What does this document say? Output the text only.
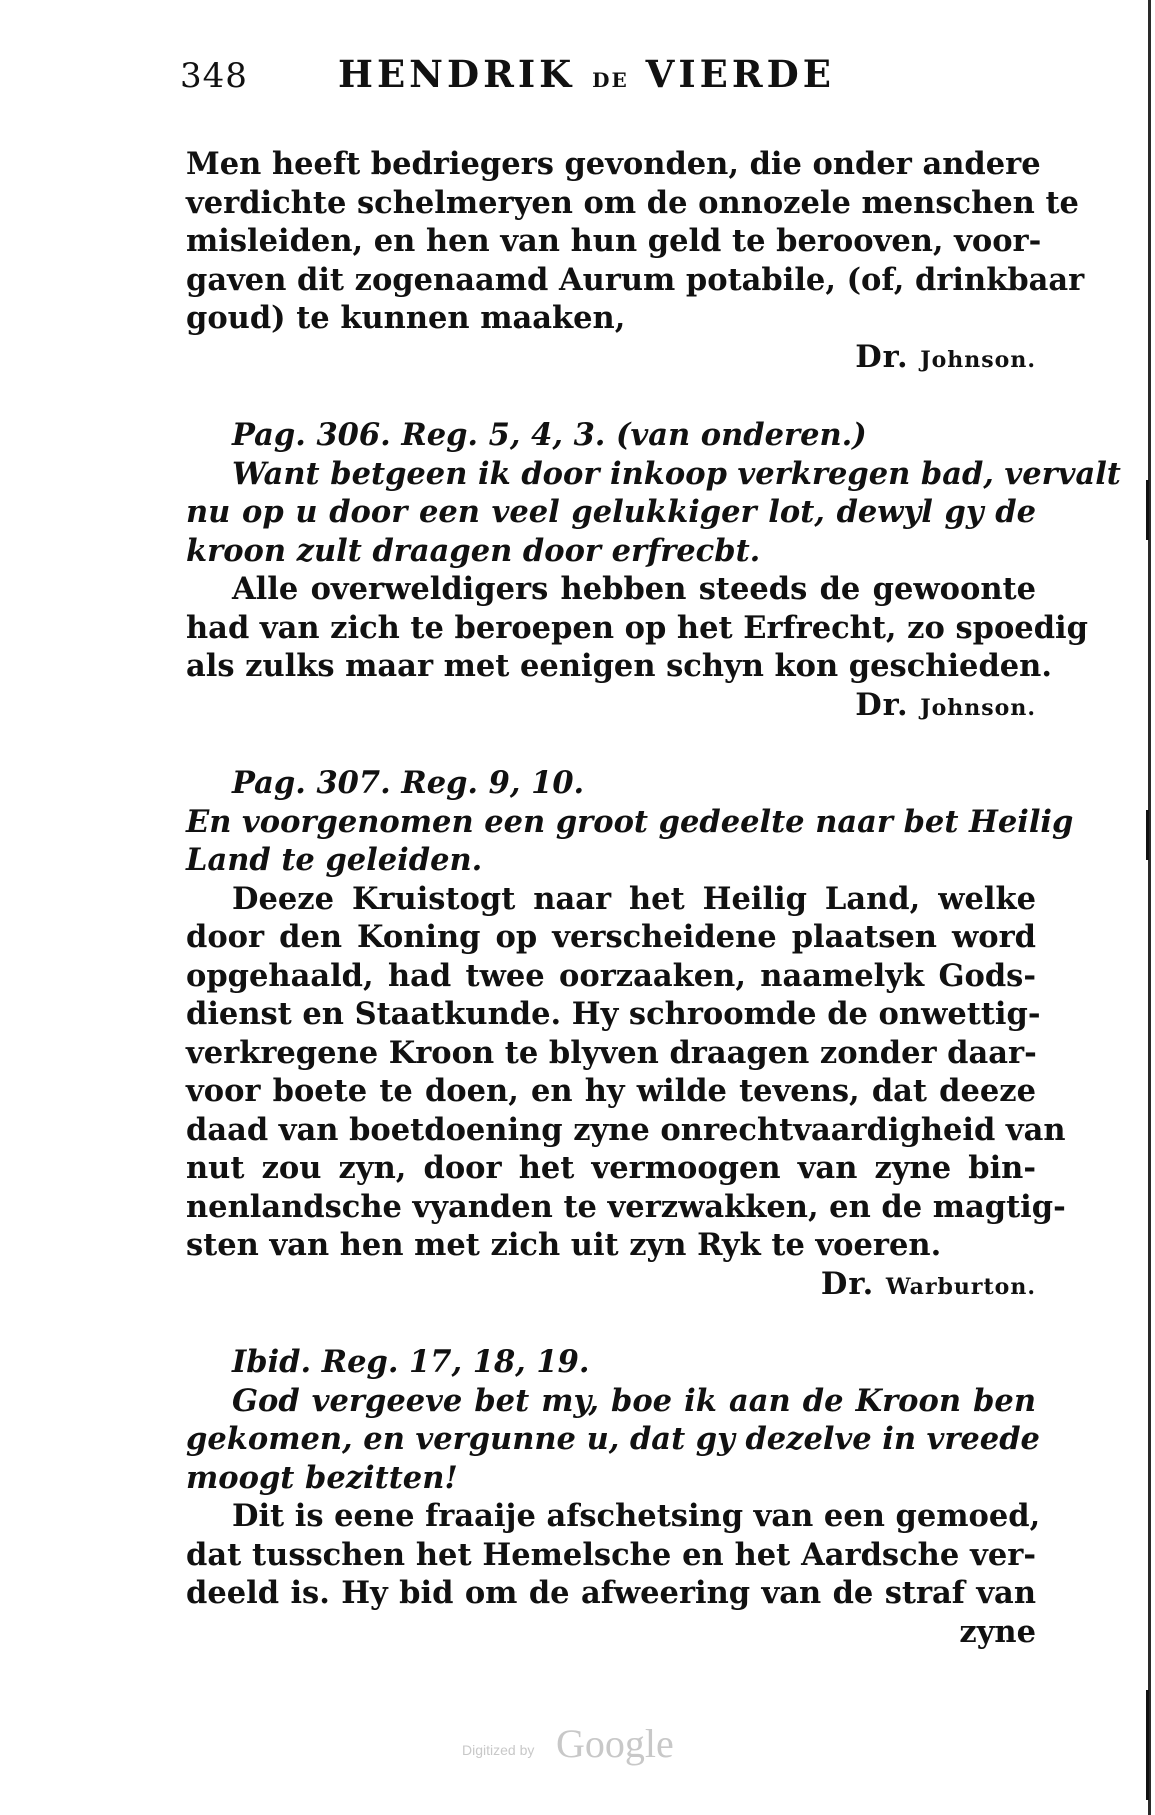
348 HENDRIK DE VIERDE
Men heeft bedriegers gevonden, die onder andere
verdichte schelmeryen om de onnozele menschen te
misleiden, en hen van hun geld te berooven, voor-
gaven dit zogenaamd Aurum potabile, (of, drinkbaar
goud) te kunnen maaken,
Dr. Johnson.
Pag. 306. Reg. 5, 4, 3. (van onderen.)
Want betgeen ik door inkoop verkregen bad, vervalt
nu op u door een veel gelukkiger lot, dewyl gy de
kroon zult draagen door erfrecbt.
Alle overweldigers hebben steeds de gewoonte
had van zich te beroepen op het Erfrecht, zo spoedig
als zulks maar met eenigen schyn kon geschieden.
Dr. Johnson.
Pag. 307. Reg. 9, 10.
En voorgenomen een groot gedeelte naar bet Heilig
Land te geleiden.
Deeze Kruistogt naar het Heilig Land, welke
door den Koning op verscheidene plaatsen word
opgehaald, had twee oorzaaken, naamelyk Gods-
dienst en Staatkunde. Hy schroomde de onwettig-
verkregene Kroon te blyven draagen zonder daar-
voor boete te doen, en hy wilde tevens, dat deeze
daad van boetdoening zyne onrechtvaardigheid van
nut zou zyn, door het vermoogen van zyne bin-
nenlandsche vyanden te verzwakken, en de magtig-
sten van hen met zich uit zyn Ryk te voeren.
Dr. Warburton.
Ibid. Reg. 17, 18, 19.
God vergeeve bet my, boe ik aan de Kroon ben
gekomen, en vergunne u, dat gy dezelve in vreede
moogt bezitten!
Dit is eene fraaije afschetsing van een gemoed,
dat tusschen het Hemelsche en het Aardsche ver-
deeld is. Hy bid om de afweering van de straf van
zyne
Digitized by Google
